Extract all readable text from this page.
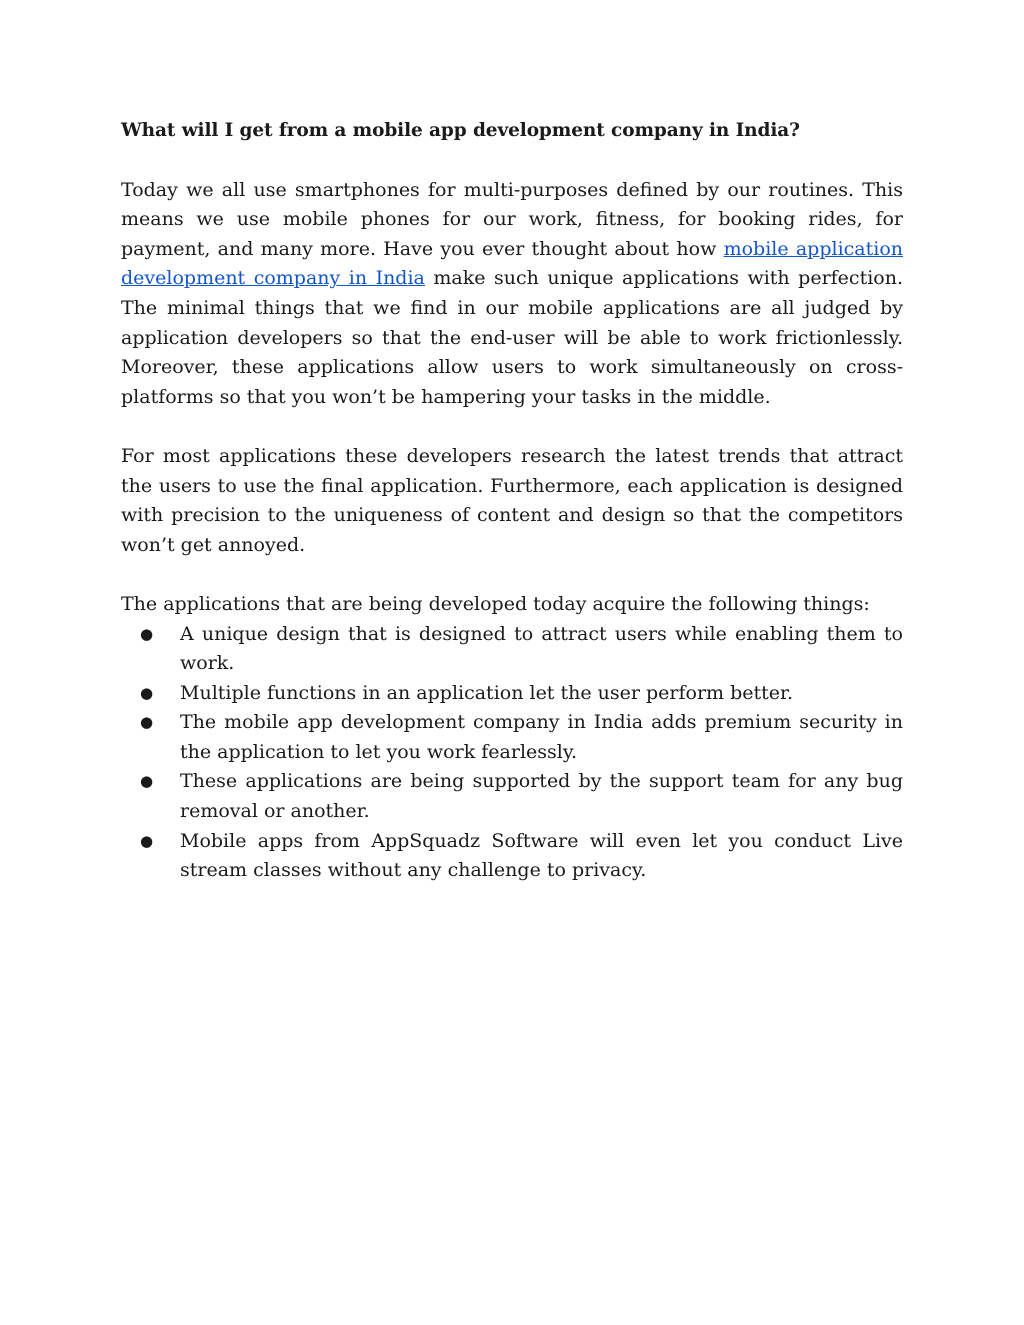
What will I get from a mobile app development company in India?

Today we all use smartphones for multi-purposes defined by our routines. This means we use mobile phones for our work, fitness, for booking rides, for payment, and many more. Have you ever thought about how mobile application development company in India make such unique applications with perfection. The minimal things that we find in our mobile applications are all judged by application developers so that the end-user will be able to work frictionlessly. Moreover, these applications allow users to work simultaneously on cross-platforms so that you won’t be hampering your tasks in the middle.

For most applications these developers research the latest trends that attract the users to use the final application. Furthermore, each application is designed with precision to the uniqueness of content and design so that the competitors won’t get annoyed.

The applications that are being developed today acquire the following things:

● A unique design that is designed to attract users while enabling them to work.
● Multiple functions in an application let the user perform better.
● The mobile app development company in India adds premium security in the application to let you work fearlessly.
● These applications are being supported by the support team for any bug removal or another.
● Mobile apps from AppSquadz Software will even let you conduct Live stream classes without any challenge to privacy.
